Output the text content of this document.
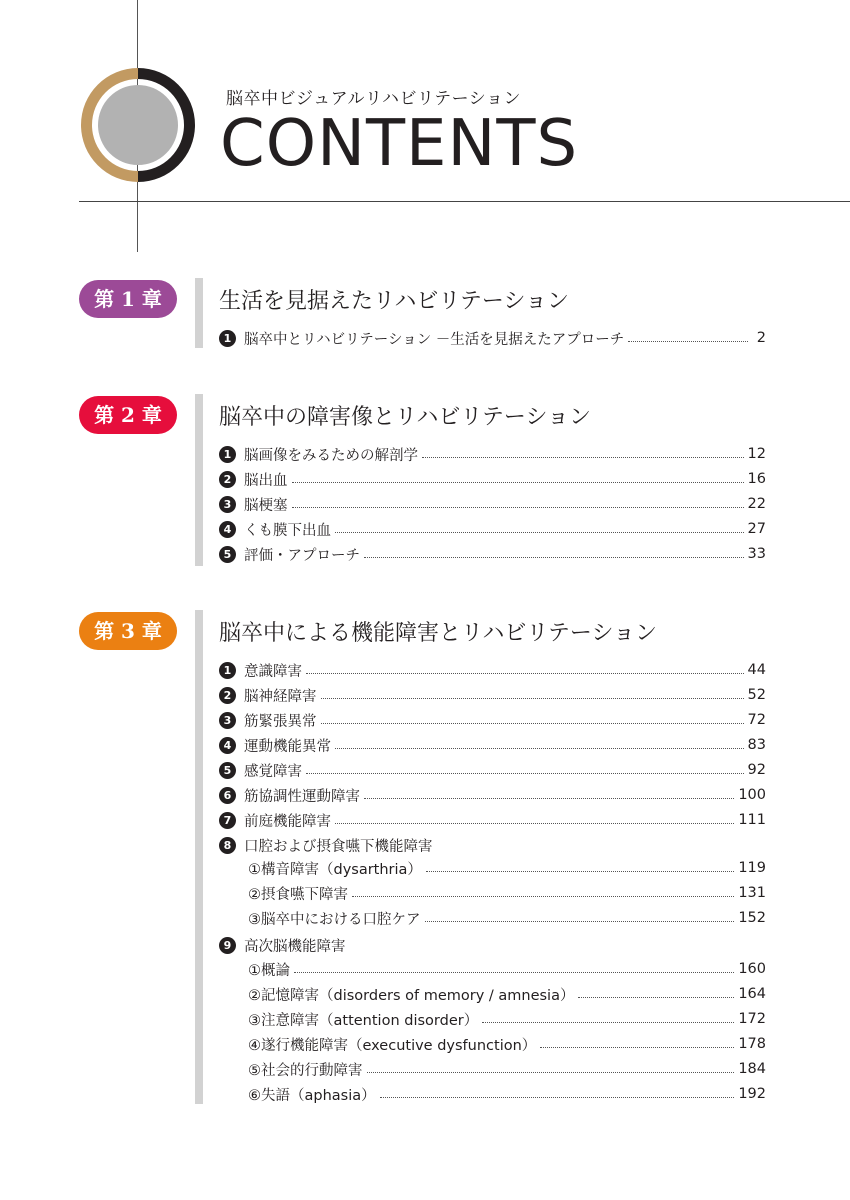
脳卒中ビジュアルリハビリテーション
CONTENTS
第 1 章	生活を見据えたリハビリテーション
1 脳卒中とリハビリテーション －生活を見据えたアプローチ	2
第 2 章	脳卒中の障害像とリハビリテーション
1 脳画像をみるための解剖学	12
2 脳出血	16
3 脳梗塞	22
4 くも膜下出血	27
5 評価・アプローチ	33
第 3 章	脳卒中による機能障害とリハビリテーション
1 意識障害	44
2 脳神経障害	52
3 筋緊張異常	72
4 運動機能異常	83
5 感覚障害	92
6 筋協調性運動障害	100
7 前庭機能障害	111
8 口腔および摂食嚥下機能障害
①構音障害（dysarthria）	119
②摂食嚥下障害	131
③脳卒中における口腔ケア	152
9 高次脳機能障害
①概論	160
②記憶障害（disorders of memory / amnesia）	164
③注意障害（attention disorder）	172
④遂行機能障害（executive dysfunction）	178
⑤社会的行動障害	184
⑥失語（aphasia）	192
